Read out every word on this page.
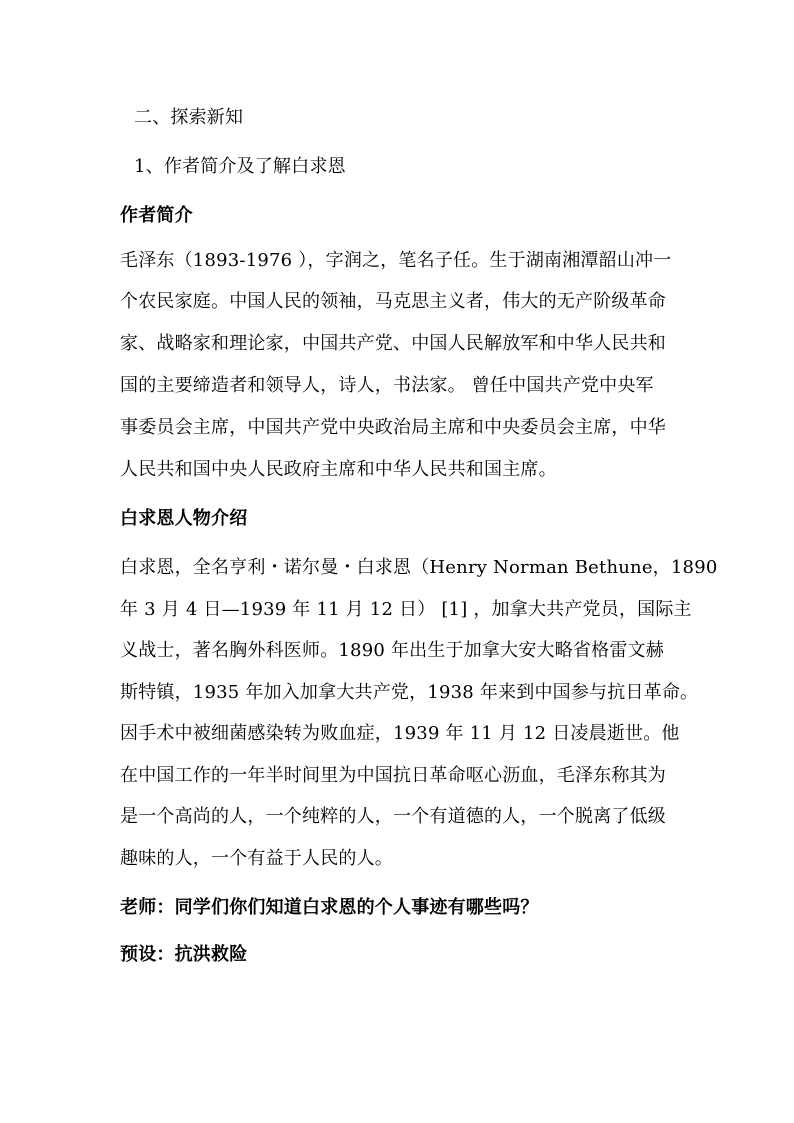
二、探索新知
1、作者简介及了解白求恩
作者简介
毛泽东（1893-1976 ），字润之，笔名子任。生于湖南湘潭韶山冲一
个农民家庭。中国人民的领袖，马克思主义者，伟大的无产阶级革命
家、战略家和理论家，中国共产党、中国人民解放军和中华人民共和
国的主要缔造者和领导人，诗人，书法家。 曾任中国共产党中央军
事委员会主席，中国共产党中央政治局主席和中央委员会主席，中华
人民共和国中央人民政府主席和中华人民共和国主席。
白求恩人物介绍
白求恩，全名亨利・诺尔曼・白求恩（Henry Norman Bethune，1890
年 3 月 4 日—1939 年 11 月 12 日） [1] ，加拿大共产党员，国际主
义战士，著名胸外科医师。1890 年出生于加拿大安大略省格雷文赫
斯特镇，1935 年加入加拿大共产党，1938 年来到中国参与抗日革命。
因手术中被细菌感染转为败血症，1939 年 11 月 12 日凌晨逝世。他
在中国工作的一年半时间里为中国抗日革命呕心沥血，毛泽东称其为
是一个高尚的人，一个纯粹的人，一个有道德的人，一个脱离了低级
趣味的人，一个有益于人民的人。
老师：同学们你们知道白求恩的个人事迹有哪些吗？
预设：抗洪救险
